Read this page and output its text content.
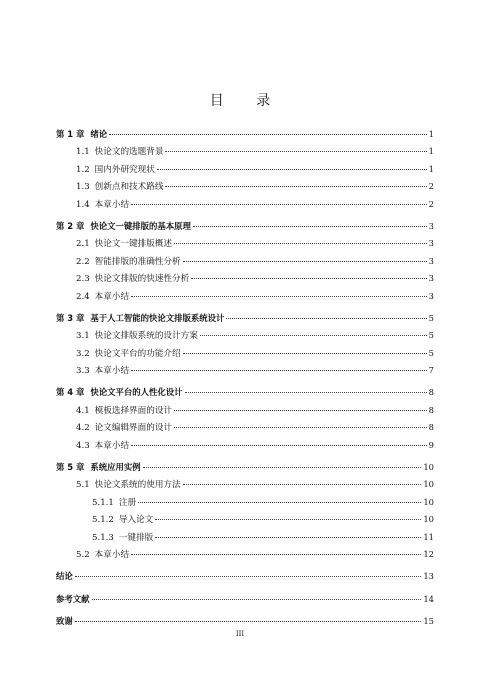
目 录
第 1 章 绪论	1
1.1 快论文的选题背景	1
1.2 国内外研究现状	1
1.3 创新点和技术路线	2
1.4 本章小结	2
第 2 章 快论文一键排版的基本原理	3
2.1 快论文一键排版概述	3
2.2 智能排版的准确性分析	3
2.3 快论文排版的快速性分析	3
2.4 本章小结	3
第 3 章 基于人工智能的快论文排版系统设计	5
3.1 快论文排版系统的设计方案	5
3.2 快论文平台的功能介绍	5
3.3 本章小结	7
第 4 章 快论文平台的人性化设计	8
4.1 模板选择界面的设计	8
4.2 论文编辑界面的设计	8
4.3 本章小结	9
第 5 章 系统应用实例	10
5.1 快论文系统的使用方法	10
5.1.1 注册	10
5.1.2 导入论文	10
5.1.3 一键排版	11
5.2 本章小结	12
结论	13
参考文献	14
致谢	15
III
